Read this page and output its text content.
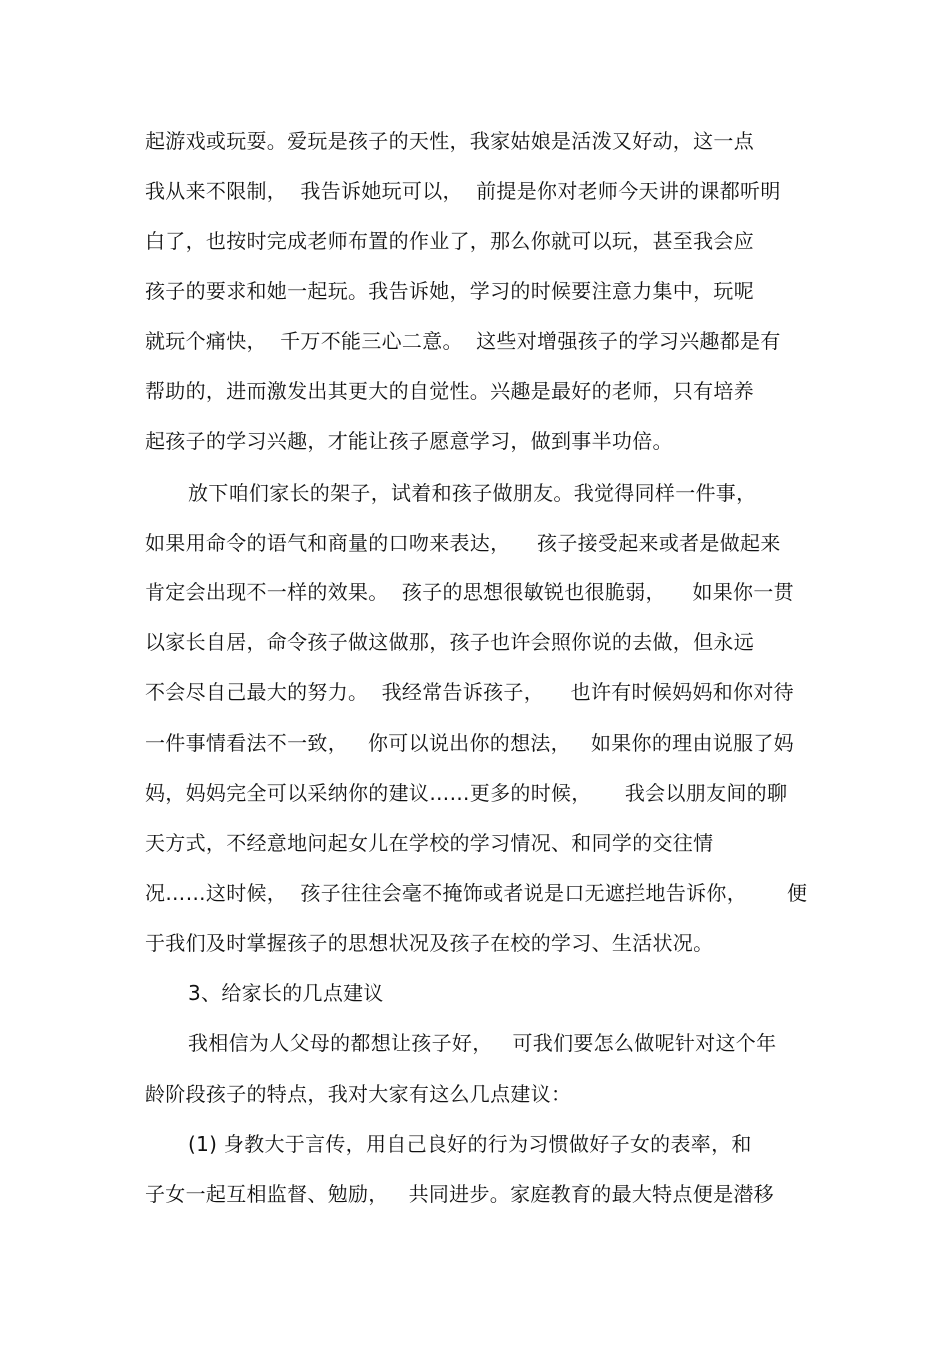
起游戏或玩耍。爱玩是孩子的天性，我家姑娘是活泼又好动，这一点
我从来不限制，  我告诉她玩可以，  前提是你对老师今天讲的课都听明
白了，也按时完成老师布置的作业了，那么你就可以玩，甚至我会应
孩子的要求和她一起玩。我告诉她，学习的时候要注意力集中，玩呢
就玩个痛快，  千万不能三心二意。  这些对增强孩子的学习兴趣都是有
帮助的，进而激发出其更大的自觉性。兴趣是最好的老师，只有培养
起孩子的学习兴趣，才能让孩子愿意学习，做到事半功倍。
放下咱们家长的架子，试着和孩子做朋友。我觉得同样一件事，
如果用命令的语气和商量的口吻来表达，    孩子接受起来或者是做起来
肯定会出现不一样的效果。  孩子的思想很敏锐也很脆弱，    如果你一贯
以家长自居，命令孩子做这做那，孩子也许会照你说的去做，但永远
不会尽自己最大的努力。  我经常告诉孩子，    也许有时候妈妈和你对待
一件事情看法不一致，   你可以说出你的想法，   如果你的理由说服了妈
妈，妈妈完全可以采纳你的建议……更多的时候，     我会以朋友间的聊
天方式，不经意地问起女儿在学校的学习情况、和同学的交往情
况……这时候，  孩子往往会毫不掩饰或者说是口无遮拦地告诉你，      便
于我们及时掌握孩子的思想状况及孩子在校的学习、生活状况。
3、给家长的几点建议
我相信为人父母的都想让孩子好，   可我们要怎么做呢针对这个年
龄阶段孩子的特点，我对大家有这么几点建议：
(1) 身教大于言传，用自己良好的行为习惯做好子女的表率，和
子女一起互相监督、勉励，   共同进步。家庭教育的最大特点便是潜移
